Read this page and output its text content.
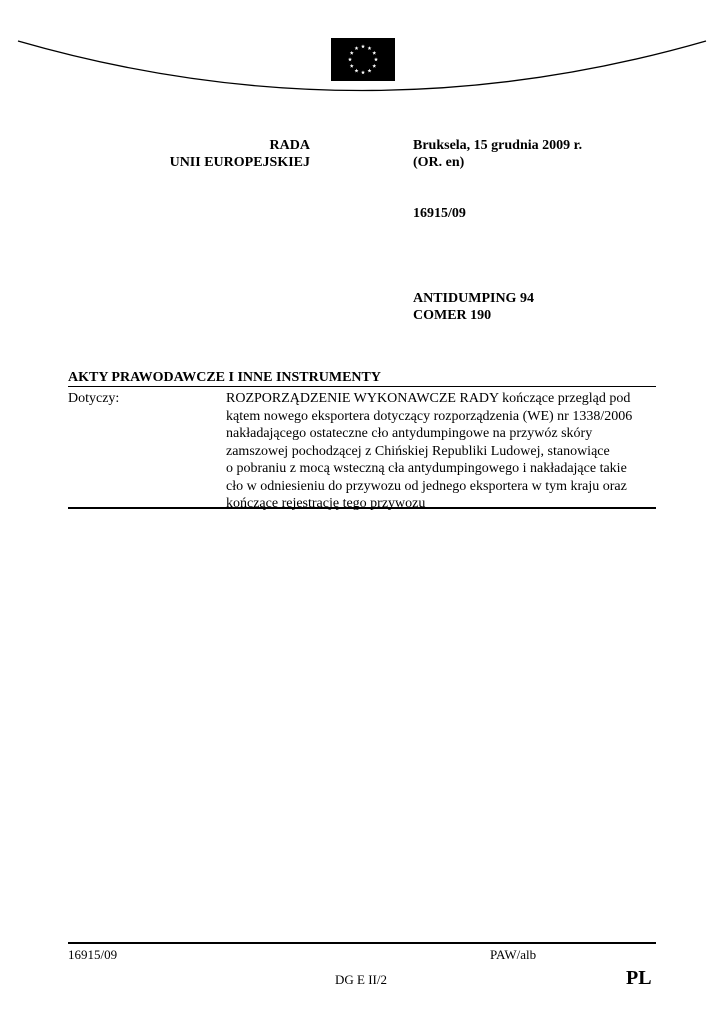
RADA
UNII EUROPEJSKIEJ
Bruksela, 15 grudnia 2009 r.
(OR. en)
16915/09
ANTIDUMPING 94
COMER 190
AKTY PRAWODAWCZE I INNE INSTRUMENTY
Dotyczy:	ROZPORZĄDZENIE WYKONAWCZE RADY kończące przegląd pod
kątem nowego eksportera dotyczący rozporządzenia (WE) nr 1338/2006
nakładającego ostateczne cło antydumpingowe na przywóz skóry
zamszowej pochodzącej z Chińskiej Republiki Ludowej, stanowiące
o pobraniu z mocą wsteczną cła antydumpingowego i nakładające takie
cło w odniesieniu do przywozu od jednego eksportera w tym kraju oraz
kończące rejestrację tego przywozu
16915/09	PAW/alb
DG E II/2	PL
